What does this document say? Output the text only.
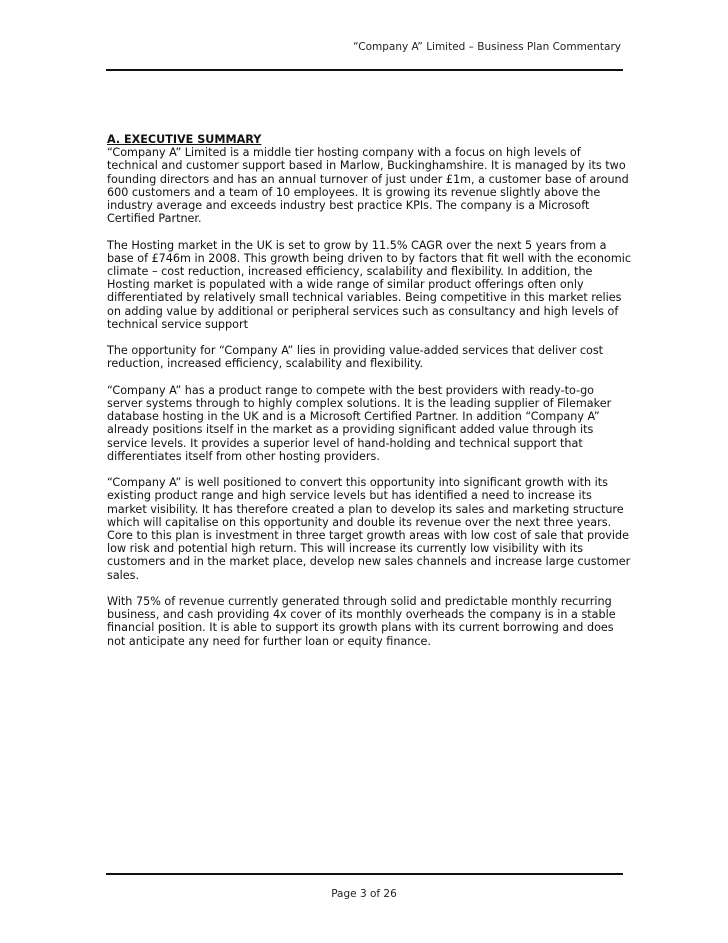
“Company A” Limited – Business Plan Commentary

A. EXECUTIVE SUMMARY

“Company A” Limited is a middle tier hosting company with a focus on high levels of technical and customer support based in Marlow, Buckinghamshire. It is managed by its two founding directors and has an annual turnover of just under £1m, a customer base of around 600 customers and a team of 10 employees. It is growing its revenue slightly above the industry average and exceeds industry best practice KPIs. The company is a Microsoft Certified Partner.

The Hosting market in the UK is set to grow by 11.5% CAGR over the next 5 years from a base of £746m in 2008. This growth being driven to by factors that fit well with the economic climate – cost reduction, increased efficiency, scalability and flexibility. In addition, the Hosting market is populated with a wide range of similar product offerings often only differentiated by relatively small technical variables. Being competitive in this market relies on adding value by additional or peripheral services such as consultancy and high levels of technical service support

The opportunity for “Company A” lies in providing value-added services that deliver cost reduction, increased efficiency, scalability and flexibility.

“Company A” has a product range to compete with the best providers with ready-to-go server systems through to highly complex solutions. It is the leading supplier of Filemaker database hosting in the UK and is a Microsoft Certified Partner. In addition “Company A” already positions itself in the market as a providing significant added value through its service levels. It provides a superior level of hand-holding and technical support that differentiates itself from other hosting providers.

“Company A” is well positioned to convert this opportunity into significant growth with its existing product range and high service levels but has identified a need to increase its market visibility. It has therefore created a plan to develop its sales and marketing structure which will capitalise on this opportunity and double its revenue over the next three years. Core to this plan is investment in three target growth areas with low cost of sale that provide low risk and potential high return. This will increase its currently low visibility with its customers and in the market place, develop new sales channels and increase large customer sales.

With 75% of revenue currently generated through solid and predictable monthly recurring business, and cash providing 4x cover of its monthly overheads the company is in a stable financial position. It is able to support its growth plans with its current borrowing and does not anticipate any need for further loan or equity finance.

Page 3 of 26
